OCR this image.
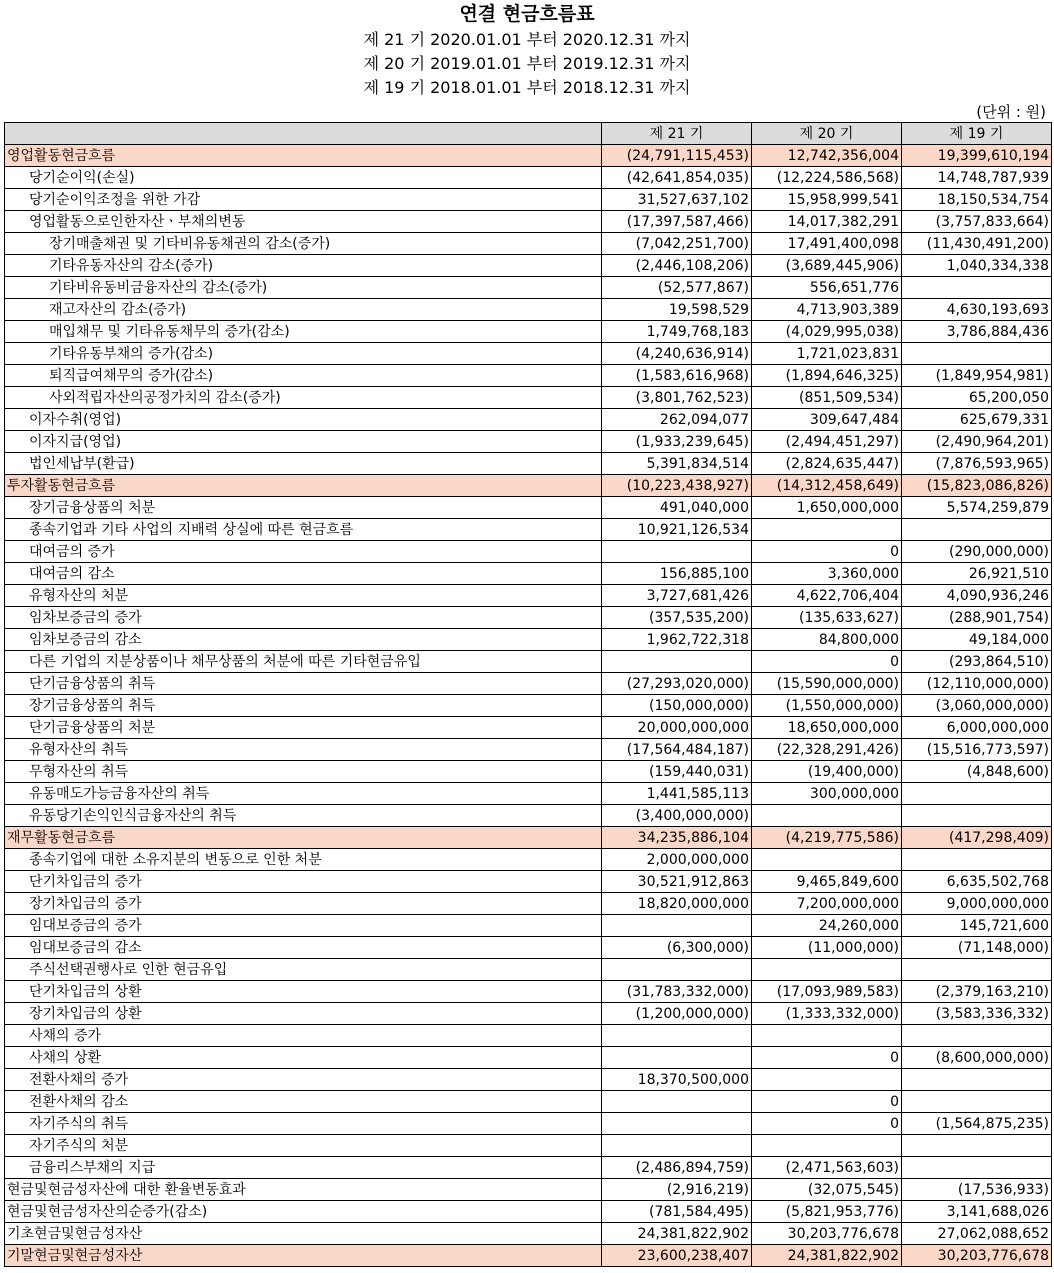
연결 현금흐름표
제 21 기 2020.01.01 부터 2020.12.31 까지
제 20 기 2019.01.01 부터 2019.12.31 까지
제 19 기 2018.01.01 부터 2018.12.31 까지
(단위 : 원)
	제 21 기	제 20 기	제 19 기
영업활동현금흐름	(24,791,115,453)	12,742,356,004	19,399,610,194
당기순이익(손실)	(42,641,854,035)	(12,224,586,568)	14,748,787,939
당기순이익조정을 위한 가감	31,527,637,102	15,958,999,541	18,150,534,754
영업활동으로인한자산ㆍ부채의변동	(17,397,587,466)	14,017,382,291	(3,757,833,664)
장기매출채권 및 기타비유동채권의 감소(증가)	(7,042,251,700)	17,491,400,098	(11,430,491,200)
기타유동자산의 감소(증가)	(2,446,108,206)	(3,689,445,906)	1,040,334,338
기타비유동비금융자산의 감소(증가)	(52,577,867)	556,651,776	
재고자산의 감소(증가)	19,598,529	4,713,903,389	4,630,193,693
매입채무 및 기타유동채무의 증가(감소)	1,749,768,183	(4,029,995,038)	3,786,884,436
기타유동부채의 증가(감소)	(4,240,636,914)	1,721,023,831	
퇴직급여채무의 증가(감소)	(1,583,616,968)	(1,894,646,325)	(1,849,954,981)
사외적립자산의공정가치의 감소(증가)	(3,801,762,523)	(851,509,534)	65,200,050
이자수취(영업)	262,094,077	309,647,484	625,679,331
이자지급(영업)	(1,933,239,645)	(2,494,451,297)	(2,490,964,201)
법인세납부(환급)	5,391,834,514	(2,824,635,447)	(7,876,593,965)
투자활동현금흐름	(10,223,438,927)	(14,312,458,649)	(15,823,086,826)
장기금융상품의 처분	491,040,000	1,650,000,000	5,574,259,879
종속기업과 기타 사업의 지배력 상실에 따른 현금흐름	10,921,126,534		
대여금의 증가		0	(290,000,000)
대여금의 감소	156,885,100	3,360,000	26,921,510
유형자산의 처분	3,727,681,426	4,622,706,404	4,090,936,246
임차보증금의 증가	(357,535,200)	(135,633,627)	(288,901,754)
임차보증금의 감소	1,962,722,318	84,800,000	49,184,000
다른 기업의 지분상품이나 채무상품의 처분에 따른 기타현금유입		0	(293,864,510)
단기금융상품의 취득	(27,293,020,000)	(15,590,000,000)	(12,110,000,000)
장기금융상품의 취득	(150,000,000)	(1,550,000,000)	(3,060,000,000)
단기금융상품의 처분	20,000,000,000	18,650,000,000	6,000,000,000
유형자산의 취득	(17,564,484,187)	(22,328,291,426)	(15,516,773,597)
무형자산의 취득	(159,440,031)	(19,400,000)	(4,848,600)
유동매도가능금융자산의 취득	1,441,585,113	300,000,000	
유동당기손익인식금융자산의 취득	(3,400,000,000)		
재무활동현금흐름	34,235,886,104	(4,219,775,586)	(417,298,409)
종속기업에 대한 소유지분의 변동으로 인한 처분	2,000,000,000		
단기차입금의 증가	30,521,912,863	9,465,849,600	6,635,502,768
장기차입금의 증가	18,820,000,000	7,200,000,000	9,000,000,000
임대보증금의 증가		24,260,000	145,721,600
임대보증금의 감소	(6,300,000)	(11,000,000)	(71,148,000)
주식선택권행사로 인한 현금유입			
단기차입금의 상환	(31,783,332,000)	(17,093,989,583)	(2,379,163,210)
장기차입금의 상환	(1,200,000,000)	(1,333,332,000)	(3,583,336,332)
사채의 증가			
사채의 상환		0	(8,600,000,000)
전환사채의 증가	18,370,500,000		
전환사채의 감소		0	
자기주식의 취득		0	(1,564,875,235)
자기주식의 처분			
금융리스부채의 지급	(2,486,894,759)	(2,471,563,603)	
현금및현금성자산에 대한 환율변동효과	(2,916,219)	(32,075,545)	(17,536,933)
현금및현금성자산의순증가(감소)	(781,584,495)	(5,821,953,776)	3,141,688,026
기초현금및현금성자산	24,381,822,902	30,203,776,678	27,062,088,652
기말현금및현금성자산	23,600,238,407	24,381,822,902	30,203,776,678
